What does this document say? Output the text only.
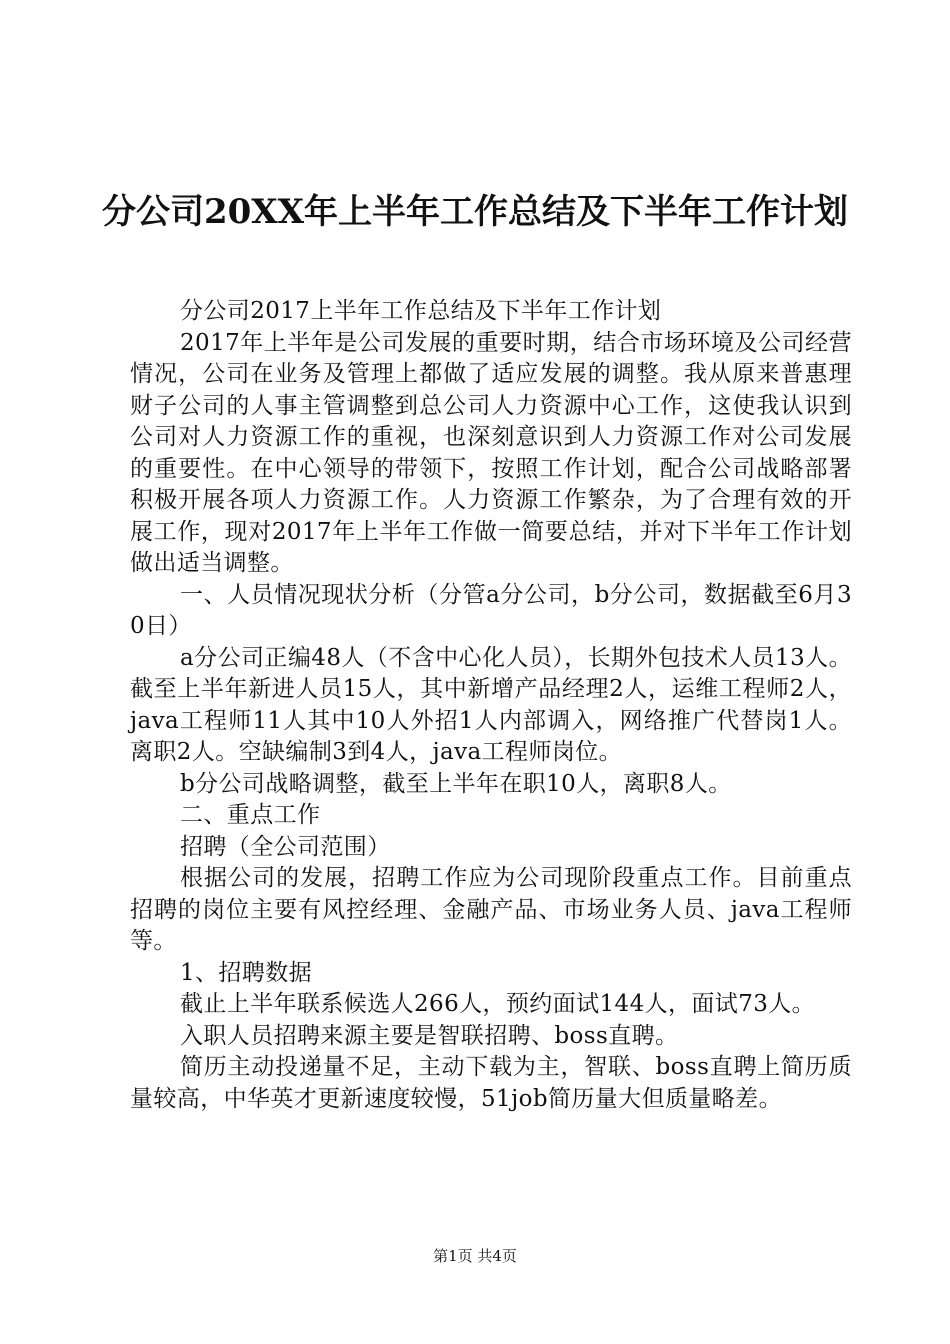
分公司20XX年上半年工作总结及下半年工作计划

分公司2017上半年工作总结及下半年工作计划

2017年上半年是公司发展的重要时期，结合市场环境及公司经营情况，公司在业务及管理上都做了适应发展的调整。我从原来普惠理财子公司的人事主管调整到总公司人力资源中心工作，这使我认识到公司对人力资源工作的重视，也深刻意识到人力资源工作对公司发展的重要性。在中心领导的带领下，按照工作计划，配合公司战略部署积极开展各项人力资源工作。人力资源工作繁杂，为了合理有效的开展工作，现对2017年上半年工作做一简要总结，并对下半年工作计划做出适当调整。

一、人员情况现状分析（分管a分公司，b分公司，数据截至6月30日）

a分公司正编48人（不含中心化人员），长期外包技术人员13人。截至上半年新进人员15人，其中新增产品经理2人，运维工程师2人，java工程师11人其中10人外招1人内部调入，网络推广代替岗1人。离职2人。空缺编制3到4人，java工程师岗位。

b分公司战略调整，截至上半年在职10人，离职8人。

二、重点工作

招聘（全公司范围）

根据公司的发展，招聘工作应为公司现阶段重点工作。目前重点招聘的岗位主要有风控经理、金融产品、市场业务人员、java工程师等。

1、招聘数据

截止上半年联系候选人266人，预约面试144人，面试73人。

入职人员招聘来源主要是智联招聘、boss直聘。

简历主动投递量不足，主动下载为主，智联、boss直聘上简历质量较高，中华英才更新速度较慢，51job简历量大但质量略差。

第1页 共4页
